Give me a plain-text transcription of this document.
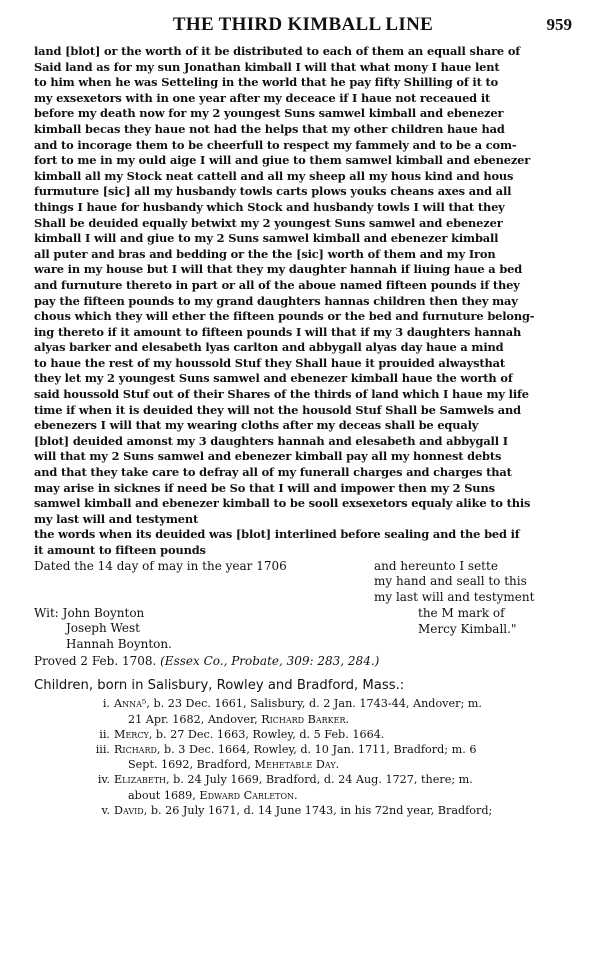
THE THIRD KIMBALL LINE	959
land [blot] or the worth of it be distributed to each of them an equall share of
Said land as for my sun Jonathan kimball I will that what mony I haue lent
to him when he was Setteling in the world that he pay fifty Shilling of it to
my exsexetors with in one year after my deceace if I haue not receaued it
before my death now for my 2 youngest Suns samwel kimball and ebenezer
kimball becas they haue not had the helps that my other children haue had
and to incorage them to be cheerfull to respect my fammely and to be a com-
fort to me in my ould aige I will and giue to them samwel kimball and ebenezer
kimball all my Stock neat cattell and all my sheep all my hous kind and hous
furmuture [sic] all my husbandy towls carts plows youks cheans axes and all
things I haue for husbandy which Stock and husbandy towls I will that they
Shall be deuided equally betwixt my 2 youngest Suns samwel and ebenezer
kimball I will and giue to my 2 Suns samwel kimball and ebenezer kimball
all puter and bras and bedding or the the [sic] worth of them and my Iron
ware in my house but I will that they my daughter hannah if liuing haue a bed
and furnuture thereto in part or all of the aboue named fifteen pounds if they
pay the fifteen pounds to my grand daughters hannas children then they may
chous which they will ether the fifteen pounds or the bed and furnuture belong-
ing thereto if it amount to fifteen pounds I will that if my 3 daughters hannah
alyas barker and elesabeth lyas carlton and abbygall alyas day haue a mind
to haue the rest of my houssold Stuf they Shall haue it prouided alwaysthat
they let my 2 youngest Suns samwel and ebenezer kimball haue the worth of
said houssold Stuf out of their Shares of the thirds of land which I haue my life
time if when it is deuided they will not the housold Stuf Shall be Samwels and
ebenezers I will that my wearing cloths after my deceas shall be equaly
[blot] deuided amonst my 3 daughters hannah and elesabeth and abbygall I
will that my 2 Suns samwel and ebenezer kimball pay all my honnest debts
and that they take care to defray all of my funerall charges and charges that
may arise in sicknes if need be So that I will and impower then my 2 Suns
samwel kimball and ebenezer kimball to be sooll exsexetors equaly alike to this
my last will and testyment
the words when its deuided was [blot] interlined before sealing and the bed if
it amount to fifteen pounds
Dated the 14 day of may in the year 1706	and hereunto I sette
my hand and seall to this
my last will and testyment
the M mark of
Mercy Kimball."
Wit: John Boynton
Joseph West
Hannah Boynton.
Proved 2 Feb. 1708. (Essex Co., Probate, 309: 283, 284.)
Children, born in Salisbury, Rowley and Bradford, Mass.:
i. Anna⁵, b. 23 Dec. 1661, Salisbury, d. 2 Jan. 1743-44, Andover; m.
21 Apr. 1682, Andover, Richard Barker.
ii. Mercy, b. 27 Dec. 1663, Rowley, d. 5 Feb. 1664.
iii. Richard, b. 3 Dec. 1664, Rowley, d. 10 Jan. 1711, Bradford; m. 6
Sept. 1692, Bradford, Mehetable Day.
iv. Elizabeth, b. 24 July 1669, Bradford, d. 24 Aug. 1727, there; m.
about 1689, Edward Carleton.
v. David, b. 26 July 1671, d. 14 June 1743, in his 72nd year, Bradford;
